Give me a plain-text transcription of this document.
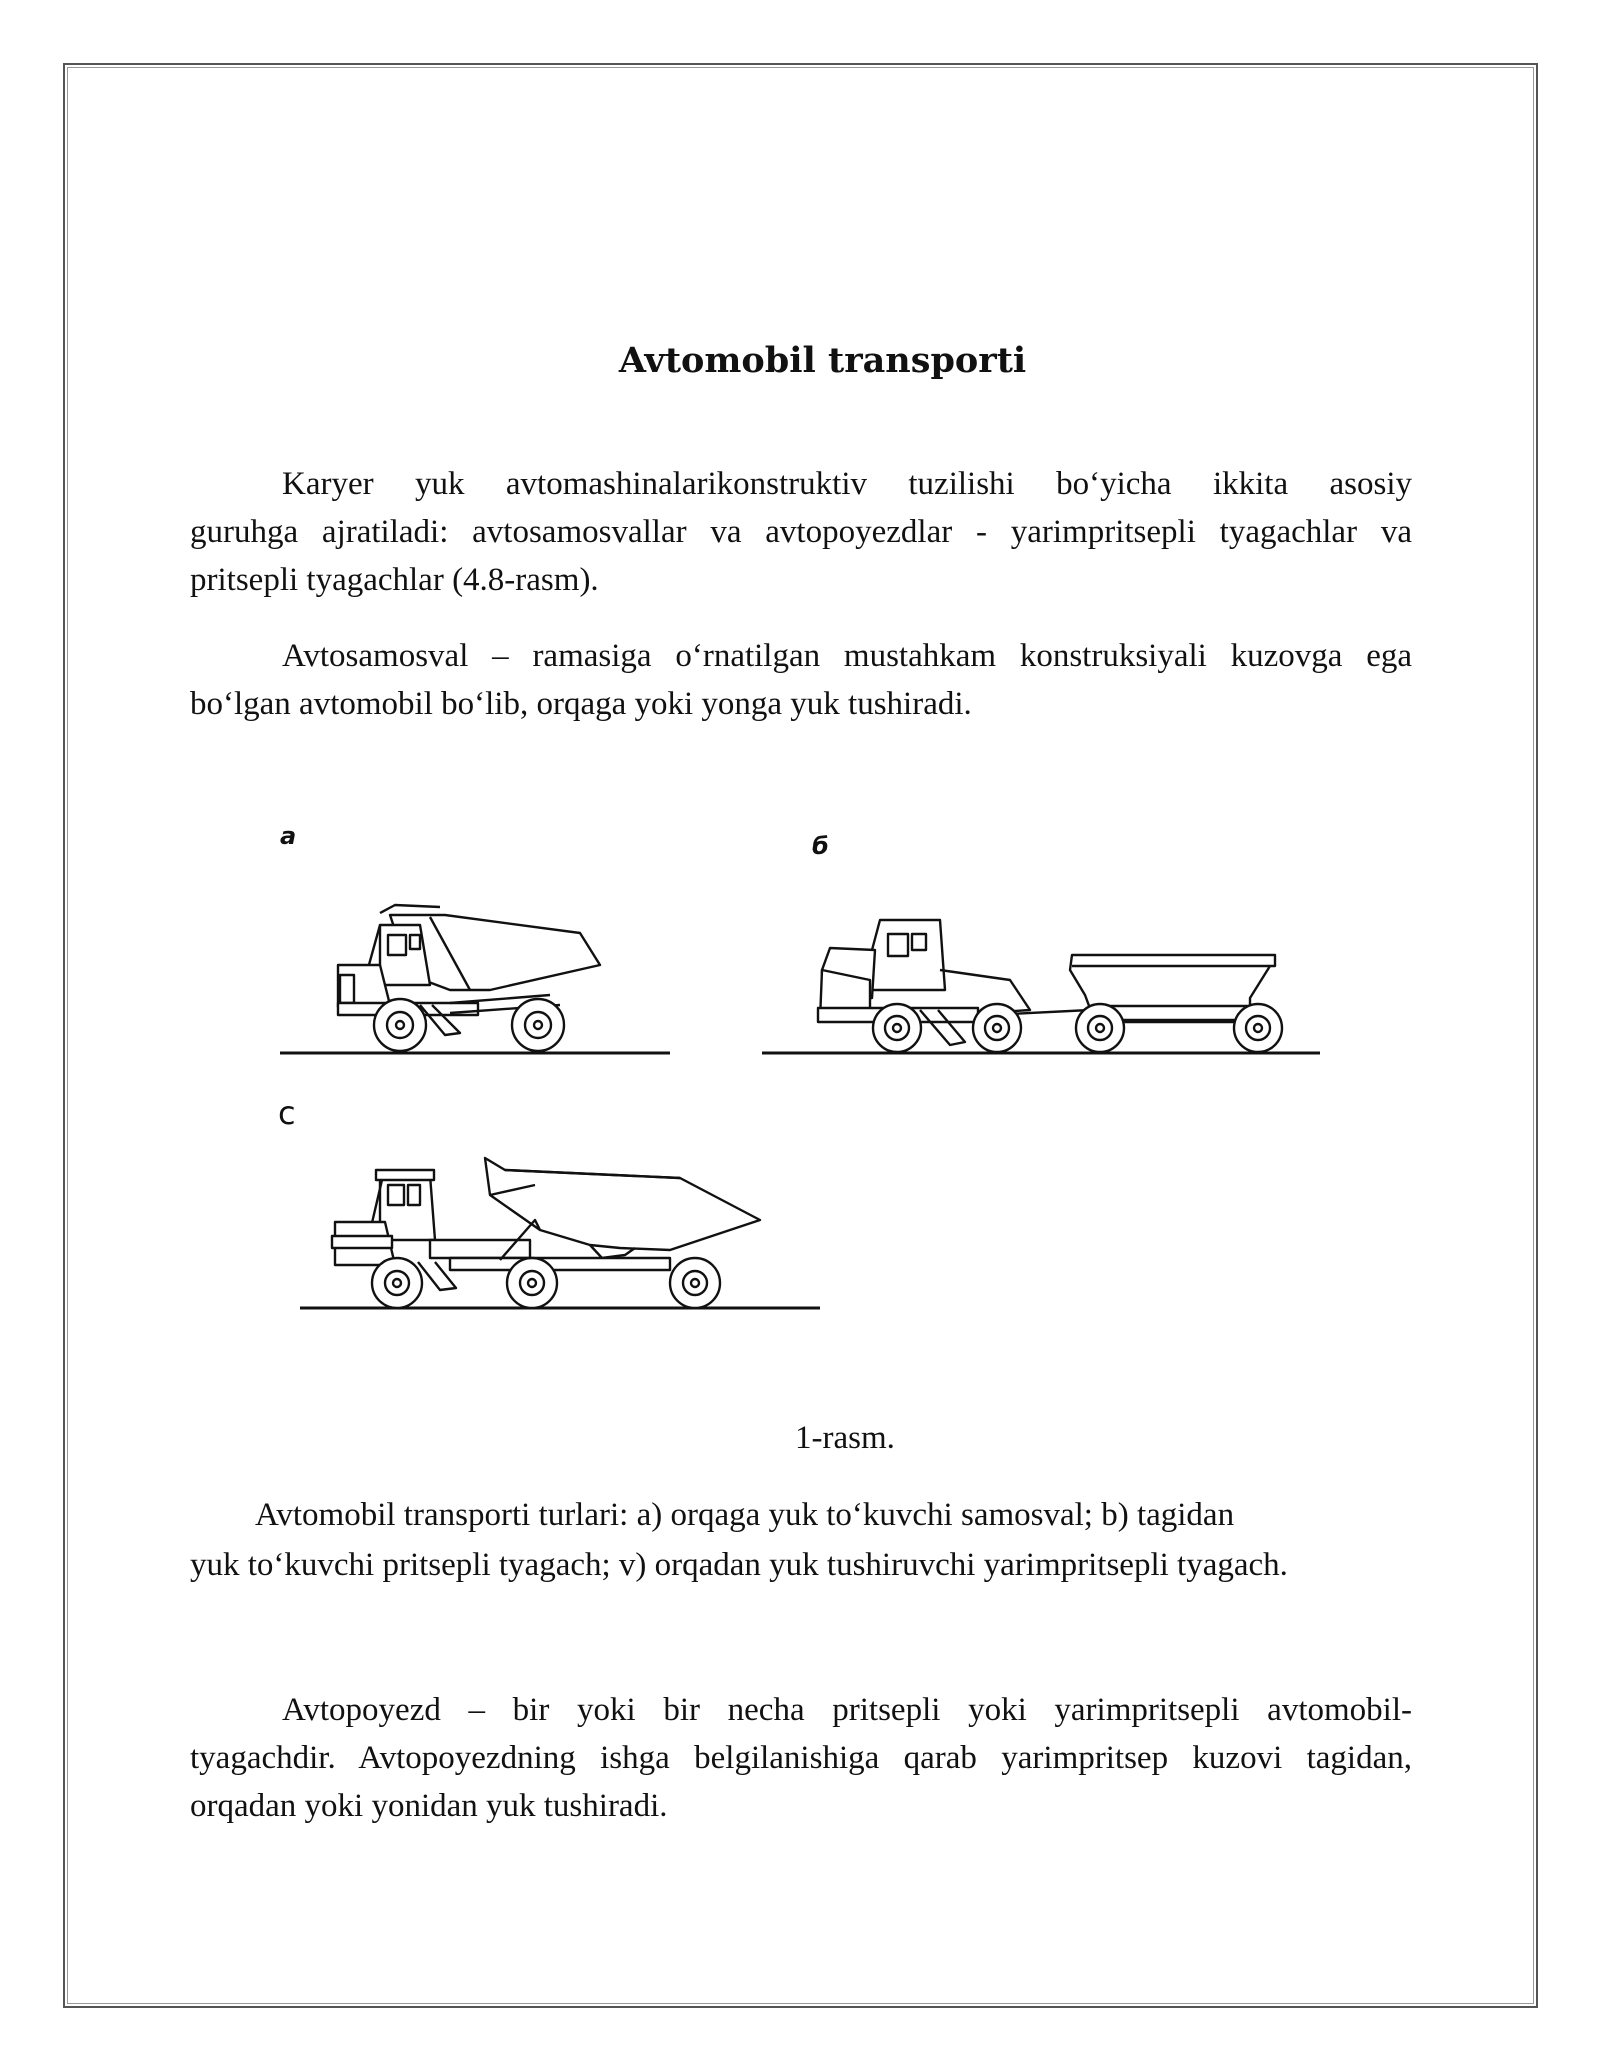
Avtomobil transporti
Karyer yuk avtomashinalarikonstruktiv tuzilishi bo‘yicha ikkita asosiy
guruhga ajratiladi: avtosamosvallar va avtopoyezdlar - yarimpritsepli tyagachlar va
pritsepli tyagachlar (4.8-rasm).
Avtosamosval – ramasiga o‘rnatilgan mustahkam konstruksiyali kuzovga ega
bo‘lgan avtomobil bo‘lib, orqaga yoki yonga yuk tushiradi.
а	б
c
1-rasm.
Avtomobil transporti turlari: a) orqaga yuk to‘kuvchi samosval; b) tagidan
yuk to‘kuvchi pritsepli tyagach; v) orqadan yuk tushiruvchi yarimpritsepli tyagach.
Avtopoyezd – bir yoki bir necha pritsepli yoki yarimpritsepli avtomobil-
tyagachdir. Avtopoyezdning ishga belgilanishiga qarab yarimpritsep kuzovi tagidan,
orqadan yoki yonidan yuk tushiradi.
